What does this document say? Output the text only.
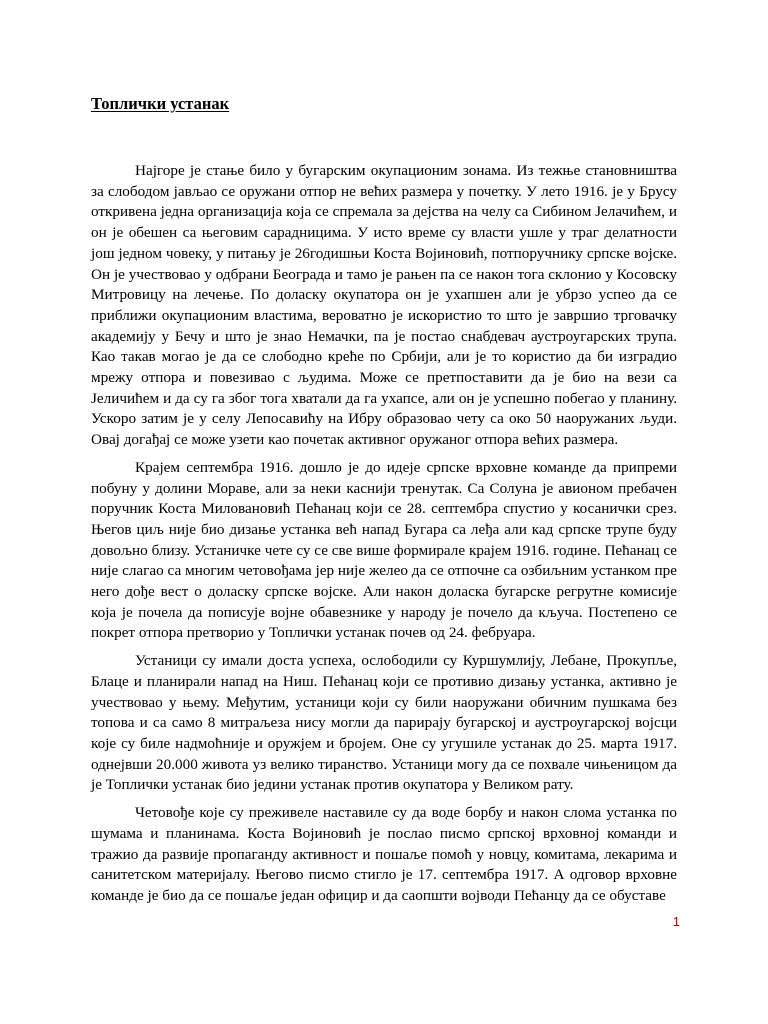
Топлички устанак

Најгоре је стање било у бугарским окупационим зонама. Из тежње становништва за слободом јављао се оружани отпор не већих размера у почетку. У лето 1916. је у Брусу откривена једна организација која се спремала за дејства на челу са Сибином Јелачићем, и он је обешен са његовим сарадницима. У исто време су власти ушле у траг делатности још једном човеку, у питању је 26годишњи Коста Војиновић, потпоручнику српске војске. Он је учествовао у одбрани Београда и тамо је рањен па се након тога склонио у Косовску Митровицу на лечење. По доласку окупатора он је ухапшен али је убрзо успео да се приближи окупационим властима, вероватно је искористио то што је завршио трговачку академију у Бечу и што је знао Немачки, па је постао снабдевач аустроугарских трупа. Као такав могао је да се слободно креће по Србији, али је то користио да би изградио мрежу отпора и повезивао с људима. Може се претпоставити да је био на вези са Јеличићем и да су га због тога хватали да га ухапсе, али он је успешно побегао у планину. Ускоро затим је у селу Лепосавићу на Ибру образовао чету са око 50 наоружаних људи. Овај догађај се може узети као почетак активног оружаног отпора већих размера.

Крајем септембра 1916. дошло је до идеје српске врховне команде да припреми побуну у долини Мораве, али за неки каснији тренутак. Са Солуна је авионом пребачен поручник Коста Миловановић Пећанац који се 28. септембра спустио у косанички срез. Његов циљ није био дизање устанка већ напад Бугара са леђа али кад српске трупе буду довољно близу. Устаничке чете су се све више формирале крајем 1916. године. Пећанац се није слагао са многим четовођама јер није желео да се отпочне са озбиљним устанком пре него дође вест о доласку српске војске. Али након доласка бугарске регрутне комисије која је почела да пописује војне обавезнике у народу је почело да кључа. Постепено се покрет отпора претворио у Топлички устанак почев од 24. фебруара.

Устаници су имали доста успеха, ослободили су Куршумлију, Лебане, Прокупље, Блаце и планирали напад на Ниш. Пећанац који се противио дизању устанка, активно је учествовао у њему. Међутим, устаници који су били наоружани обичним пушкама без топова и са само 8 митраљеза нису могли да парирају бугарској и аустроугарској војсци које су биле надмоћније и оружјем и бројем. Оне су угушиле устанак до 25. марта 1917. однејвши 20.000 живота уз велико тиранство. Устаници могу да се похвале чињеницом да је Топлички устанак био једини устанак против окупатора у Великом рату.

Четовође које су преживеле наставиле су да воде борбу и након слома устанка по шумама и планинама. Коста Војиновић је послао писмо српској врховној команди и тражио да развије пропаганду активност и пошаље помоћ у новцу, комитама, лекарима и санитетском материјалу. Његово писмо стигло је 17. септембра 1917. А одговор врховне команде је био да се пошаље један официр и да саопшти војводи Пећанцу да се обуставе

1
